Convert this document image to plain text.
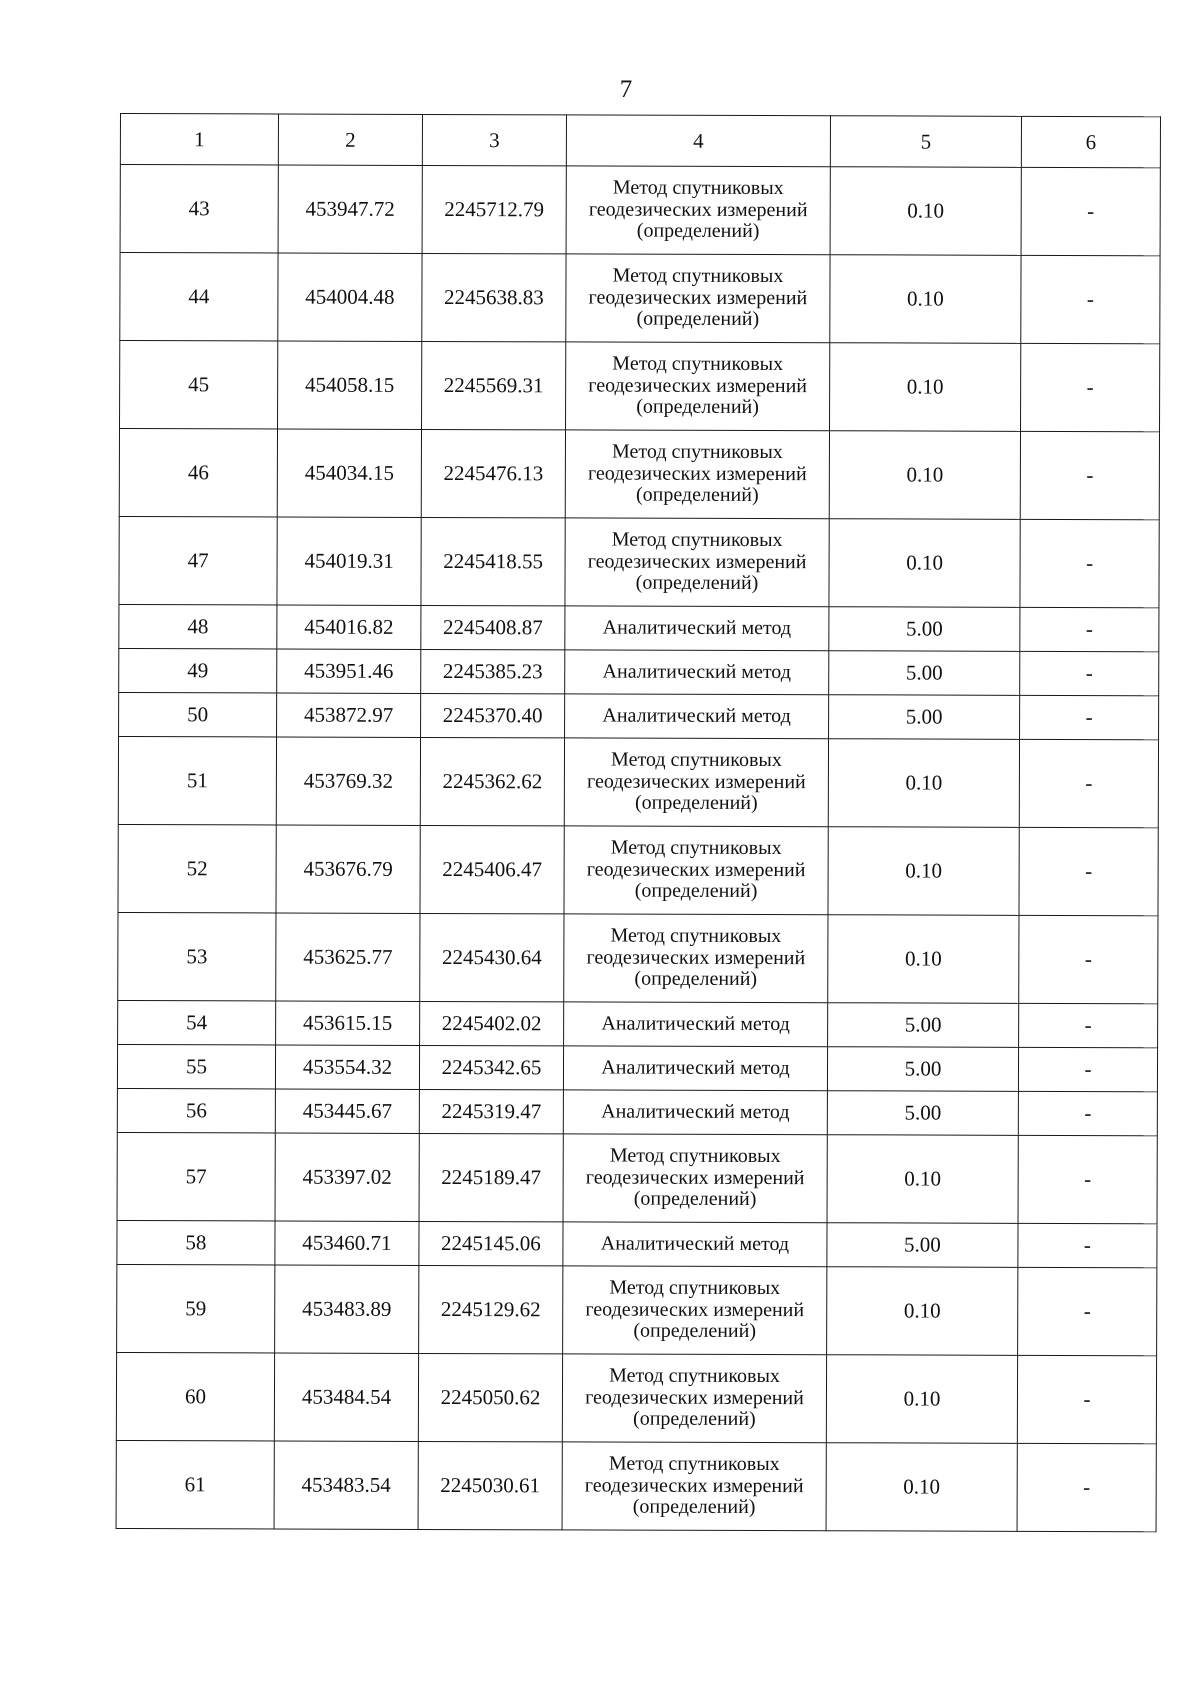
7
1	2	3	4	5	6
43	453947.72	2245712.79	Метод спутниковых геодезических измерений (определений)	0.10	-
44	454004.48	2245638.83	Метод спутниковых геодезических измерений (определений)	0.10	-
45	454058.15	2245569.31	Метод спутниковых геодезических измерений (определений)	0.10	-
46	454034.15	2245476.13	Метод спутниковых геодезических измерений (определений)	0.10	-
47	454019.31	2245418.55	Метод спутниковых геодезических измерений (определений)	0.10	-
48	454016.82	2245408.87	Аналитический метод	5.00	-
49	453951.46	2245385.23	Аналитический метод	5.00	-
50	453872.97	2245370.40	Аналитический метод	5.00	-
51	453769.32	2245362.62	Метод спутниковых геодезических измерений (определений)	0.10	-
52	453676.79	2245406.47	Метод спутниковых геодезических измерений (определений)	0.10	-
53	453625.77	2245430.64	Метод спутниковых геодезических измерений (определений)	0.10	-
54	453615.15	2245402.02	Аналитический метод	5.00	-
55	453554.32	2245342.65	Аналитический метод	5.00	-
56	453445.67	2245319.47	Аналитический метод	5.00	-
57	453397.02	2245189.47	Метод спутниковых геодезических измерений (определений)	0.10	-
58	453460.71	2245145.06	Аналитический метод	5.00	-
59	453483.89	2245129.62	Метод спутниковых геодезических измерений (определений)	0.10	-
60	453484.54	2245050.62	Метод спутниковых геодезических измерений (определений)	0.10	-
61	453483.54	2245030.61	Метод спутниковых геодезических измерений (определений)	0.10	-
